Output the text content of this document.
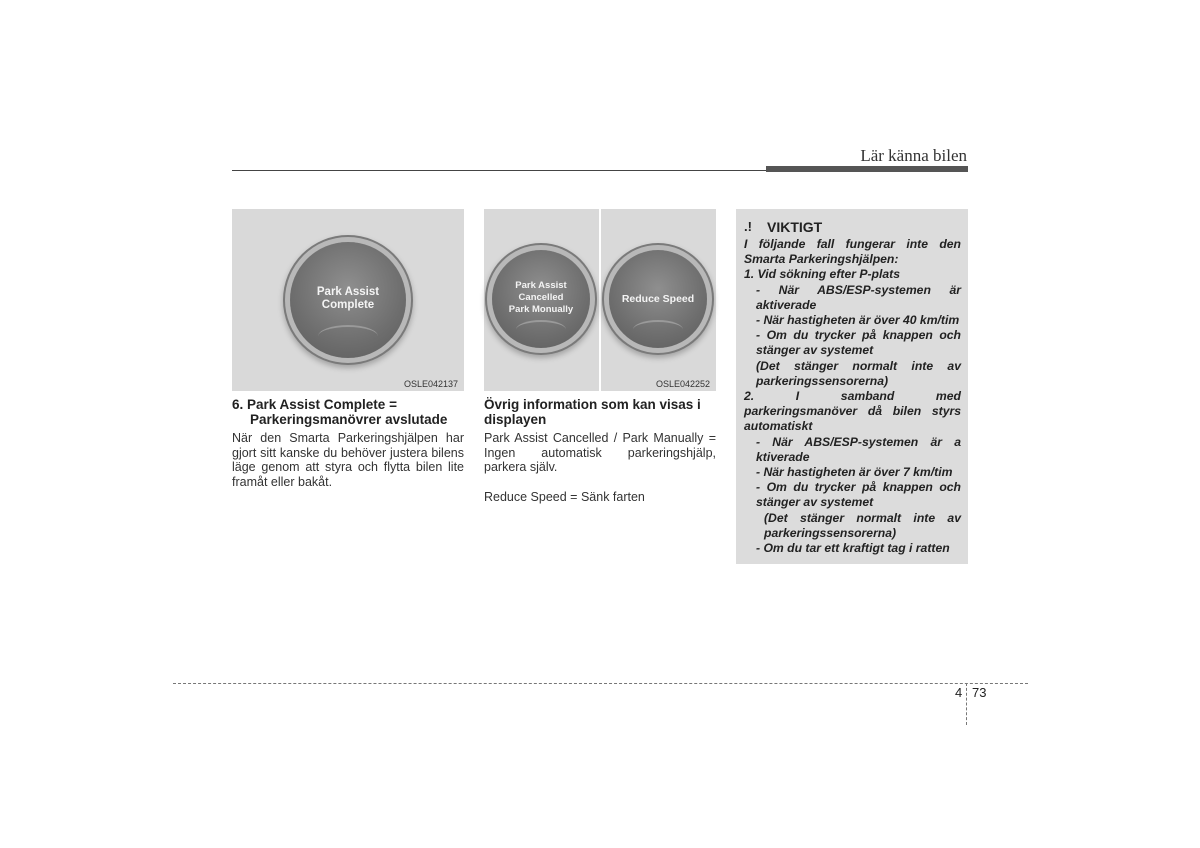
Lär känna bilen
Park Assist
Complete
OSLE042137
Park Assist
Cancelled
Park Monually
Reduce Speed
OSLE042252
6. Park Assist Complete =
Parkeringsmanövrer avslutade
När den Smarta Parkeringshjälpen har gjort sitt kanske du behöver justera bilens läge genom att styra och flytta bilen lite framåt eller bakåt.
Övrig information som kan visas i displayen
Park Assist Cancelled / Park Manually = Ingen automatisk parkeringshjälp, parkera själv.
Reduce Speed = Sänk farten
.!	VIKTIGT

I följande fall fungerar inte den Smarta Parkeringshjälpen:

1. Vid sökning efter P-plats

- När ABS/ESP-systemen är aktiverade

- När hastigheten är över 40 km/tim

- Om du trycker på knappen och stänger av systemet

(Det stänger normalt inte av parkeringssensorerna)

2. I samband med parkeringsmanöver då bilen styrs automatiskt

- När ABS/ESP-systemen är a ktiverade

- När hastigheten är över 7 km/tim

- Om du trycker på knappen och stänger av systemet

(Det stänger normalt inte av parkeringssensorerna)

- Om du tar ett kraftigt tag i ratten

4 73
